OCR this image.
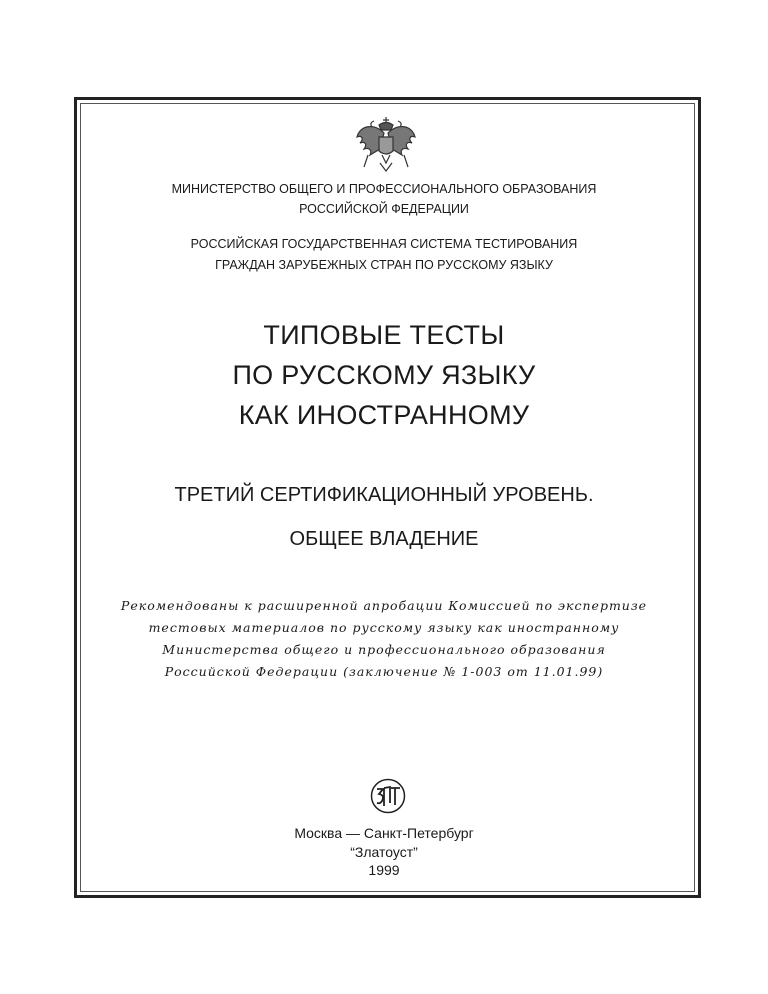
МИНИСТЕРСТВО ОБЩЕГО И ПРОФЕССИОНАЛЬНОГО ОБРАЗОВАНИЯ
РОССИЙСКОЙ ФЕДЕРАЦИИ
РОССИЙСКАЯ ГОСУДАРСТВЕННАЯ СИСТЕМА ТЕСТИРОВАНИЯ
ГРАЖДАН ЗАРУБЕЖНЫХ СТРАН ПО РУССКОМУ ЯЗЫКУ
ТИПОВЫЕ ТЕСТЫ
ПО РУССКОМУ ЯЗЫКУ
КАК ИНОСТРАННОМУ
ТРЕТИЙ СЕРТИФИКАЦИОННЫЙ УРОВЕНЬ.
ОБЩЕЕ ВЛАДЕНИЕ
Рекомендованы к расширенной апробации Комиссией по экспертизе
тестовых материалов по русскому языку как иностранному
Министерства общего и профессионального образования
Российской Федерации (заключение № 1-003 от 11.01.99)
Москва — Санкт-Петербург
“Златоуст”
1999
